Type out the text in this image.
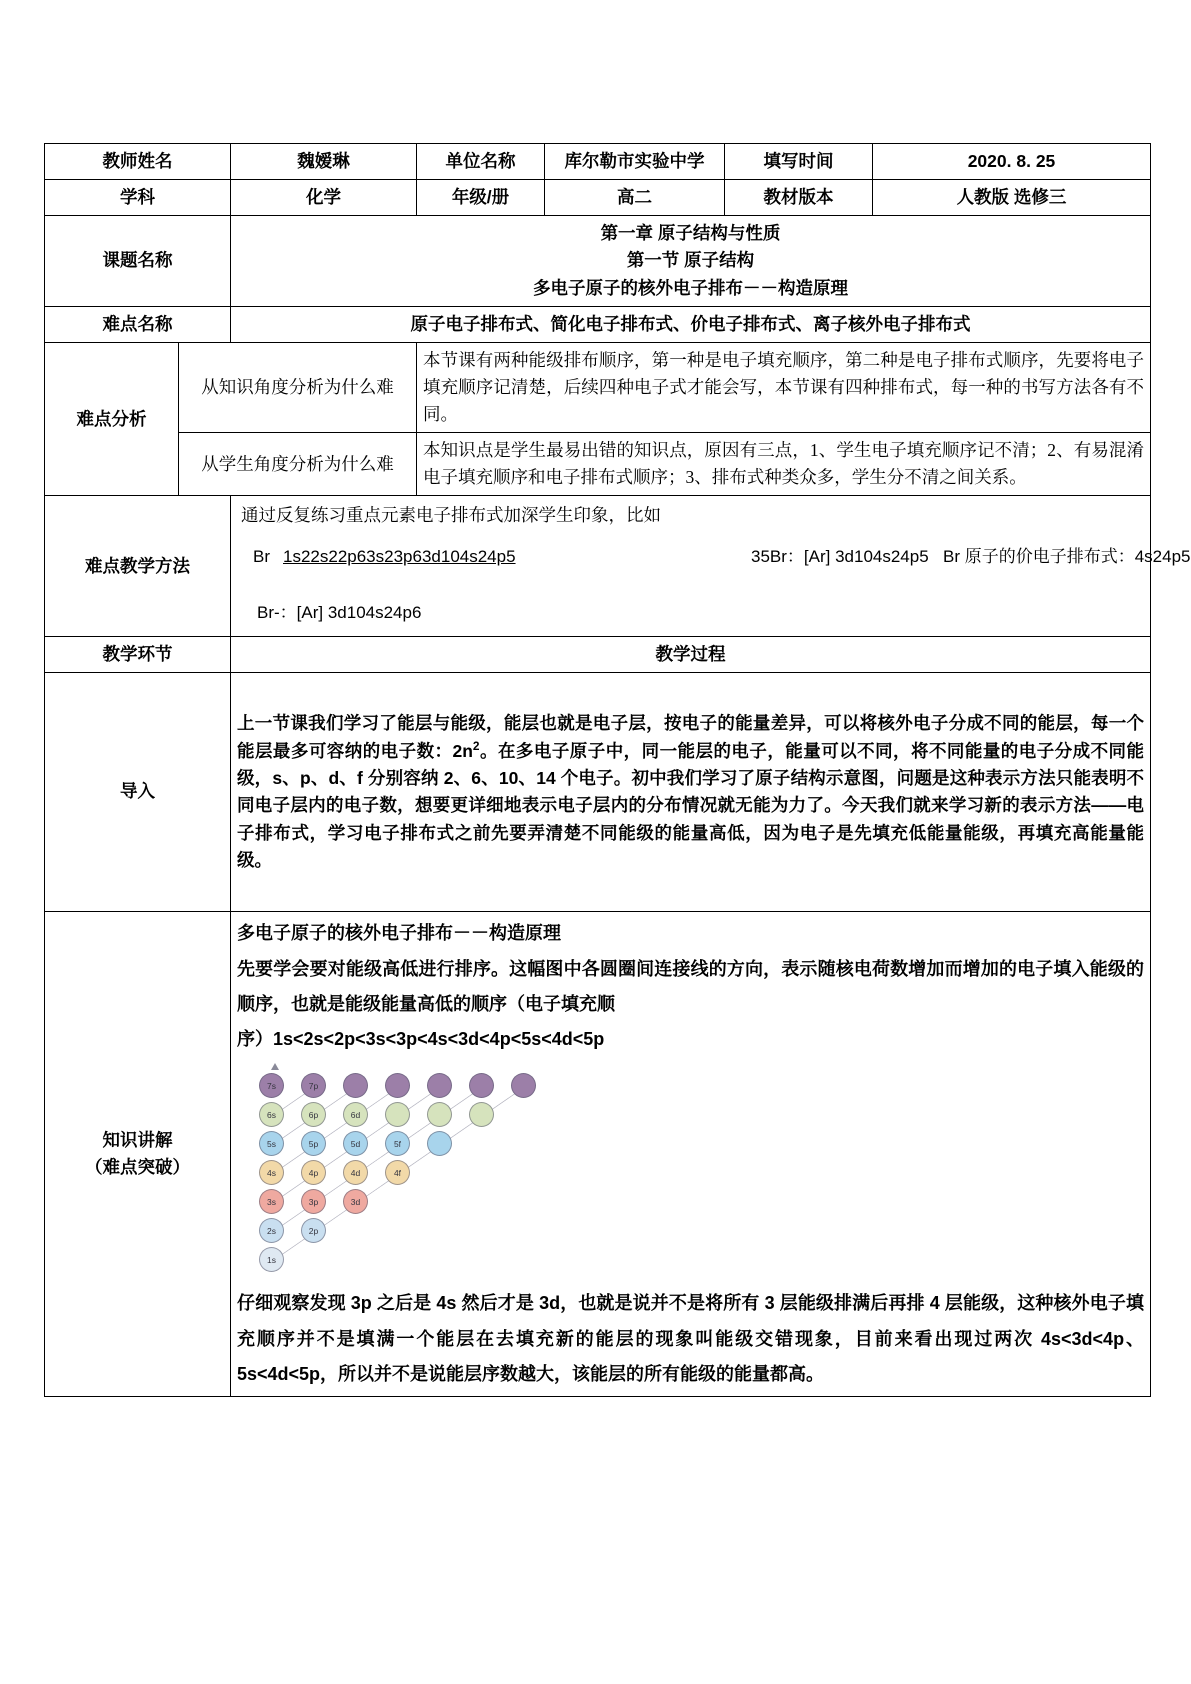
教师姓名		魏嫒琳	单位名称	库尔勒市实验中学	填写时间	2020. 8. 25
学科		化学	年级/册	高二	教材版本	人教版 选修三
课题名称		第一章 原子结构与性质
第一节 原子结构
多电子原子的核外电子排布－－构造原理				

难点名称		原子电子排布式、简化电子排布式、价电子排布式、离子核外电子排布式				
难点分析	从知识角度分析为什么难		本节课有两种能级排布顺序，第一种是电子填充顺序，第二种是电子排布式顺序，先要将电子填充顺序记清楚，后续四种电子式才能会写，本节课有四种排布式，每一种的书写方法各有不同。			
	从学生角度分析为什么难		本知识点是学生最易出错的知识点，原因有三点，1、学生电子填充顺序记不清；2、有易混淆电子填充顺序和电子排布式顺序；3、排布式种类众多，学生分不清之间关系。			
难点教学方法	
通过反复练习重点元素电子排布式加深学生印象，比如
Br 1s22s22p63s23p63d104s24p5	35Br：[Ar] 3d104s24p5 Br 原子的价电子排布式：4s24p5
Br-：[Ar] 3d104s24p6

教学环节		教学过程				
导入		上一节课我们学习了能层与能级，能层也就是电子层，按电子的能量差异，可以将核外电子分成不同的能层，每一个能层最多可容纳的电子数：$2n^2$。在多电子原子中，同一能层的电子，能量可以不同，将不同能量的电子分成不同能级，s、p、d、f 分别容纳 2、6、10、14 个电子。初中我们学习了原子结构示意图，问题是这种表示方法只能表明不同电子层内的电子数，想要更详细地表示电子层内的分布情况就无能为力了。今天我们就来学习新的表示方法——电子排布式，学习电子排布式之前先要弄清楚不同能级的能量高低，因为电子是先填充低能量能级，再填充高能量能级。				

知识讲解
（难点突破）

多电子原子的核外电子排布－－构造原理
先要学会要对能级高低进行排序。这幅图中各圆圈间连接线的方向，表示随核电荷数增加而增加的电子填入能级的顺序，也就是能级能量高低的顺序（电子填充顺
序）1s<2s<2p<3s<3p<4s<3d<4p<5s<4d<5p
7s	7p
6s	6p	6d
5s	5p	5d	5f
4s	4p	4d	4f
3s	3p	3d
2s	2p
1s
仔细观察发现 3p 之后是 4s 然后才是 3d，也就是说并不是将所有 3 层能级排满后再排 4 层能级，这种核外电子填充顺序并不是填满一个能层在去填充新的能层的现象叫能级交错现象，目前来看出现过两次 4s<3d<4p、5s<4d<5p，所以并不是说能层序数越大，该能层的所有能级的能量都高。
